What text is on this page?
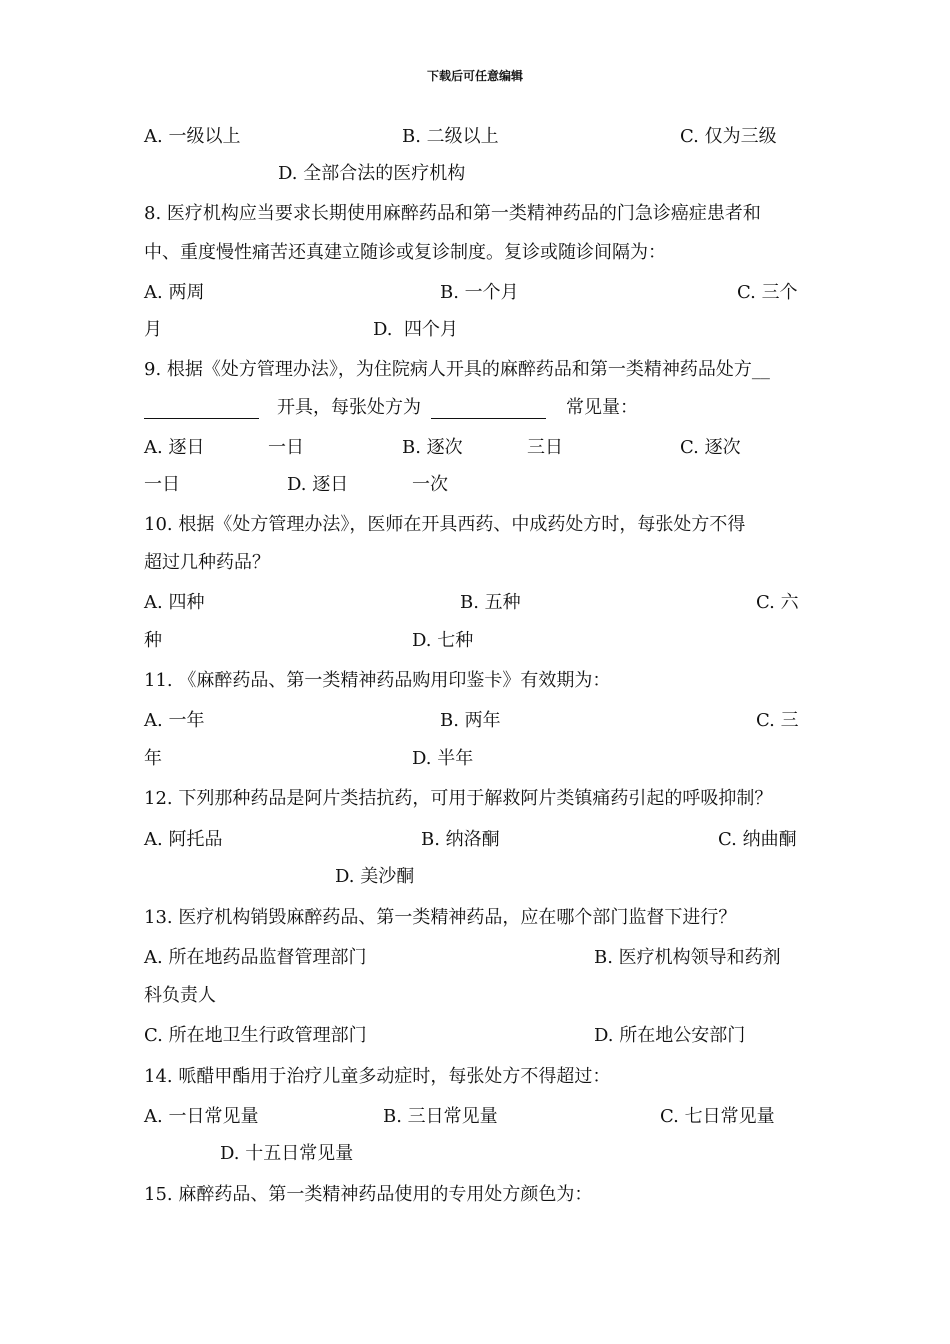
下载后可任意编辑
A. 一级以上	B. 二级以上	C. 仅为三级
D. 全部合法的医疗机构
8. 医疗机构应当要求长期使用麻醉药品和第一类精神药品的门急诊癌症患者和
中、重度慢性痛苦还真建立随诊或复诊制度。复诊或随诊间隔为：
A. 两周	B. 一个月	C. 三个
月	D.  四个月
9. 根据《处方管理办法》，为住院病人开具的麻醉药品和第一类精神药品处方__
开具，每张处方为	常见量：
A. 逐日	一日	B. 逐次	三日	C. 逐次
一日	D. 逐日	一次
10. 根据《处方管理办法》，医师在开具西药、中成药处方时，每张处方不得
超过几种药品？
A. 四种	B. 五种	C. 六
种	D. 七种
11. 《麻醉药品、第一类精神药品购用印鉴卡》有效期为：
A. 一年	B. 两年	C. 三
年	D. 半年
12. 下列那种药品是阿片类拮抗药，可用于解救阿片类镇痛药引起的呼吸抑制？
A. 阿托品	B. 纳洛酮	C. 纳曲酮
D. 美沙酮
13. 医疗机构销毁麻醉药品、第一类精神药品，应在哪个部门监督下进行？
A. 所在地药品监督管理部门	B. 医疗机构领导和药剂
科负责人
C. 所在地卫生行政管理部门	D. 所在地公安部门
14. 哌醋甲酯用于治疗儿童多动症时，每张处方不得超过：
A. 一日常见量	B. 三日常见量	C. 七日常见量
D. 十五日常见量
15. 麻醉药品、第一类精神药品使用的专用处方颜色为：
